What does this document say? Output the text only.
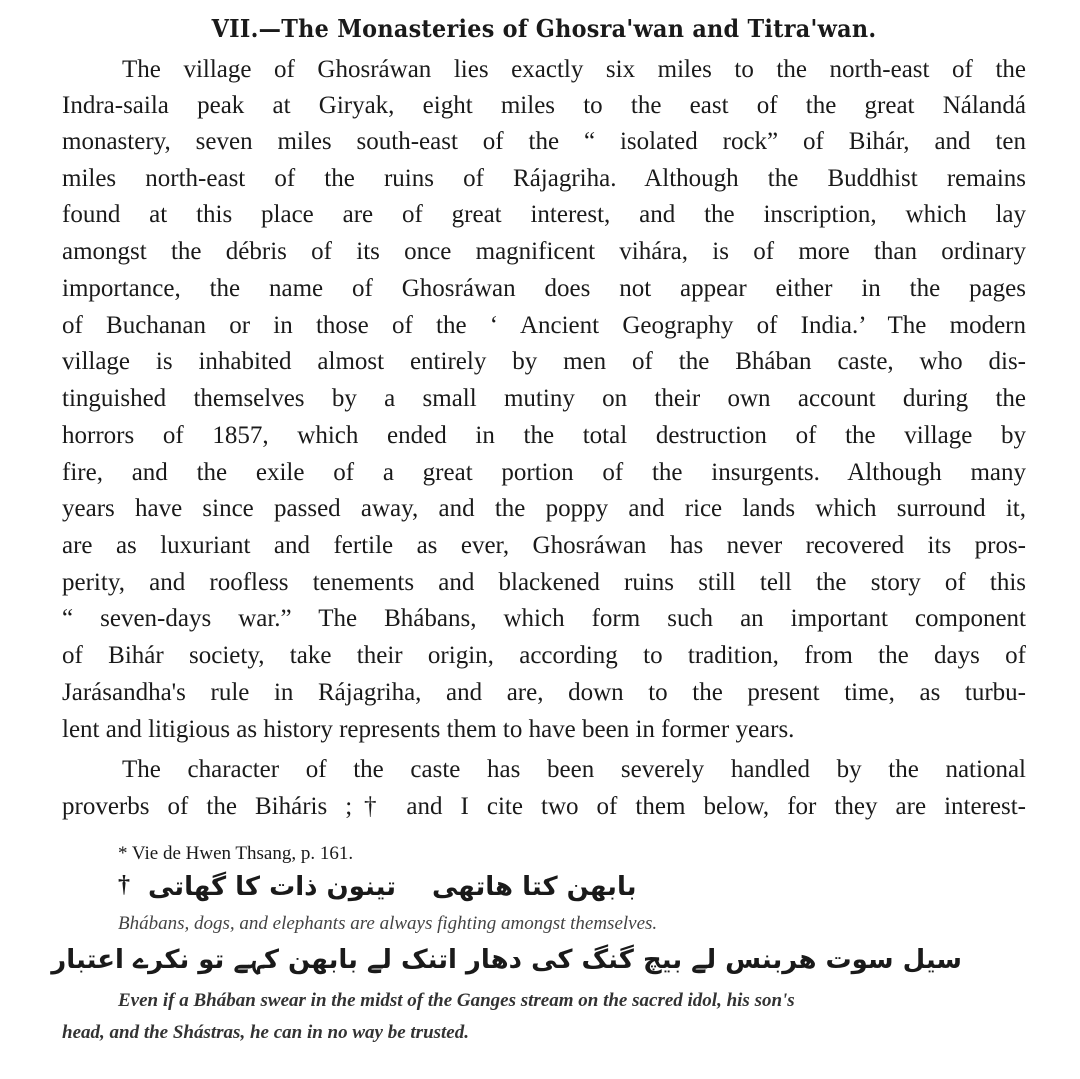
VII.—The Monasteries of Ghosra'wan and Titra'wan.
The village of Ghosráwan lies exactly six miles to the north-east of the
Indra-saila peak at Giryak, eight miles to the east of the great Nálandá
monastery, seven miles south-east of the “ isolated rock” of Bihár, and ten
miles north-east of the ruins of Rájagriha. Although the Buddhist remains
found at this place are of great interest, and the inscription, which lay
amongst the débris of its once magnificent vihára, is of more than ordinary
importance, the name of Ghosráwan does not appear either in the pages
of Buchanan or in those of the ‘ Ancient Geography of India.’ The modern
village is inhabited almost entirely by men of the Bhában caste, who dis-
tinguished themselves by a small mutiny on their own account during the
horrors of 1857, which ended in the total destruction of the village by
fire, and the exile of a great portion of the insurgents. Although many
years have since passed away, and the poppy and rice lands which surround it,
are as luxuriant and fertile as ever, Ghosráwan has never recovered its pros-
perity, and roofless tenements and blackened ruins still tell the story of this
“ seven-days war.” The Bhábans, which form such an important component
of Bihár society, take their origin, according to tradition, from the days of
Jarásandha's rule in Rájagriha, and are, down to the present time, as turbu-
lent and litigious as history represents them to have been in former years.
The character of the caste has been severely handled by the national
proverbs of the Biháris ;† and I cite two of them below, for they are interest-
* Vie de Hwen Thsang, p. 161.
† تینون ذات کا گھاتی بابھن کتا ھاتھی
Bhábans, dogs, and elephants are always fighting amongst themselves.
سیل سوت ھربنس لے بیچ گنگ کی دھار اتنک لے بابھن کہے تو نکرے اعتبار
Even if a Bhában swear in the midst of the Ganges stream on the sacred idol, his son's
head, and the Shástras, he can in no way be trusted.
